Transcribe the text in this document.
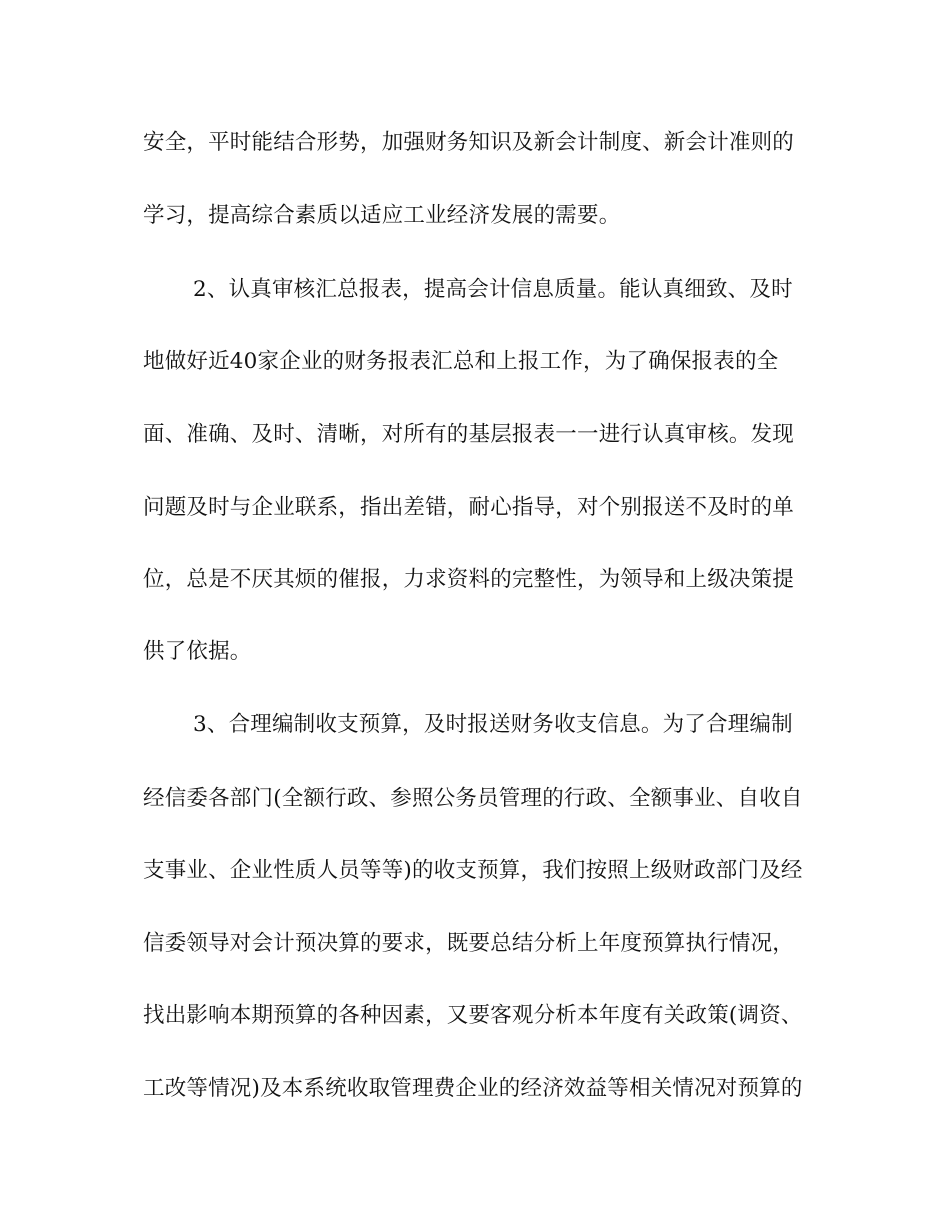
安全，平时能结合形势，加强财务知识及新会计制度、新会计准则的
学习，提高综合素质以适应工业经济发展的需要。
2、认真审核汇总报表，提高会计信息质量。能认真细致、及时
地做好近40家企业的财务报表汇总和上报工作，为了确保报表的全
面、准确、及时、清晰，对所有的基层报表一一进行认真审核。发现
问题及时与企业联系，指出差错，耐心指导，对个别报送不及时的单
位，总是不厌其烦的催报，力求资料的完整性，为领导和上级决策提
供了依据。
3、合理编制收支预算，及时报送财务收支信息。为了合理编制
经信委各部门(全额行政、参照公务员管理的行政、全额事业、自收自
支事业、企业性质人员等等)的收支预算，我们按照上级财政部门及经
信委领导对会计预决算的要求，既要总结分析上年度预算执行情况，
找出影响本期预算的各种因素，又要客观分析本年度有关政策(调资、
工改等情况)及本系统收取管理费企业的经济效益等相关情况对预算的
